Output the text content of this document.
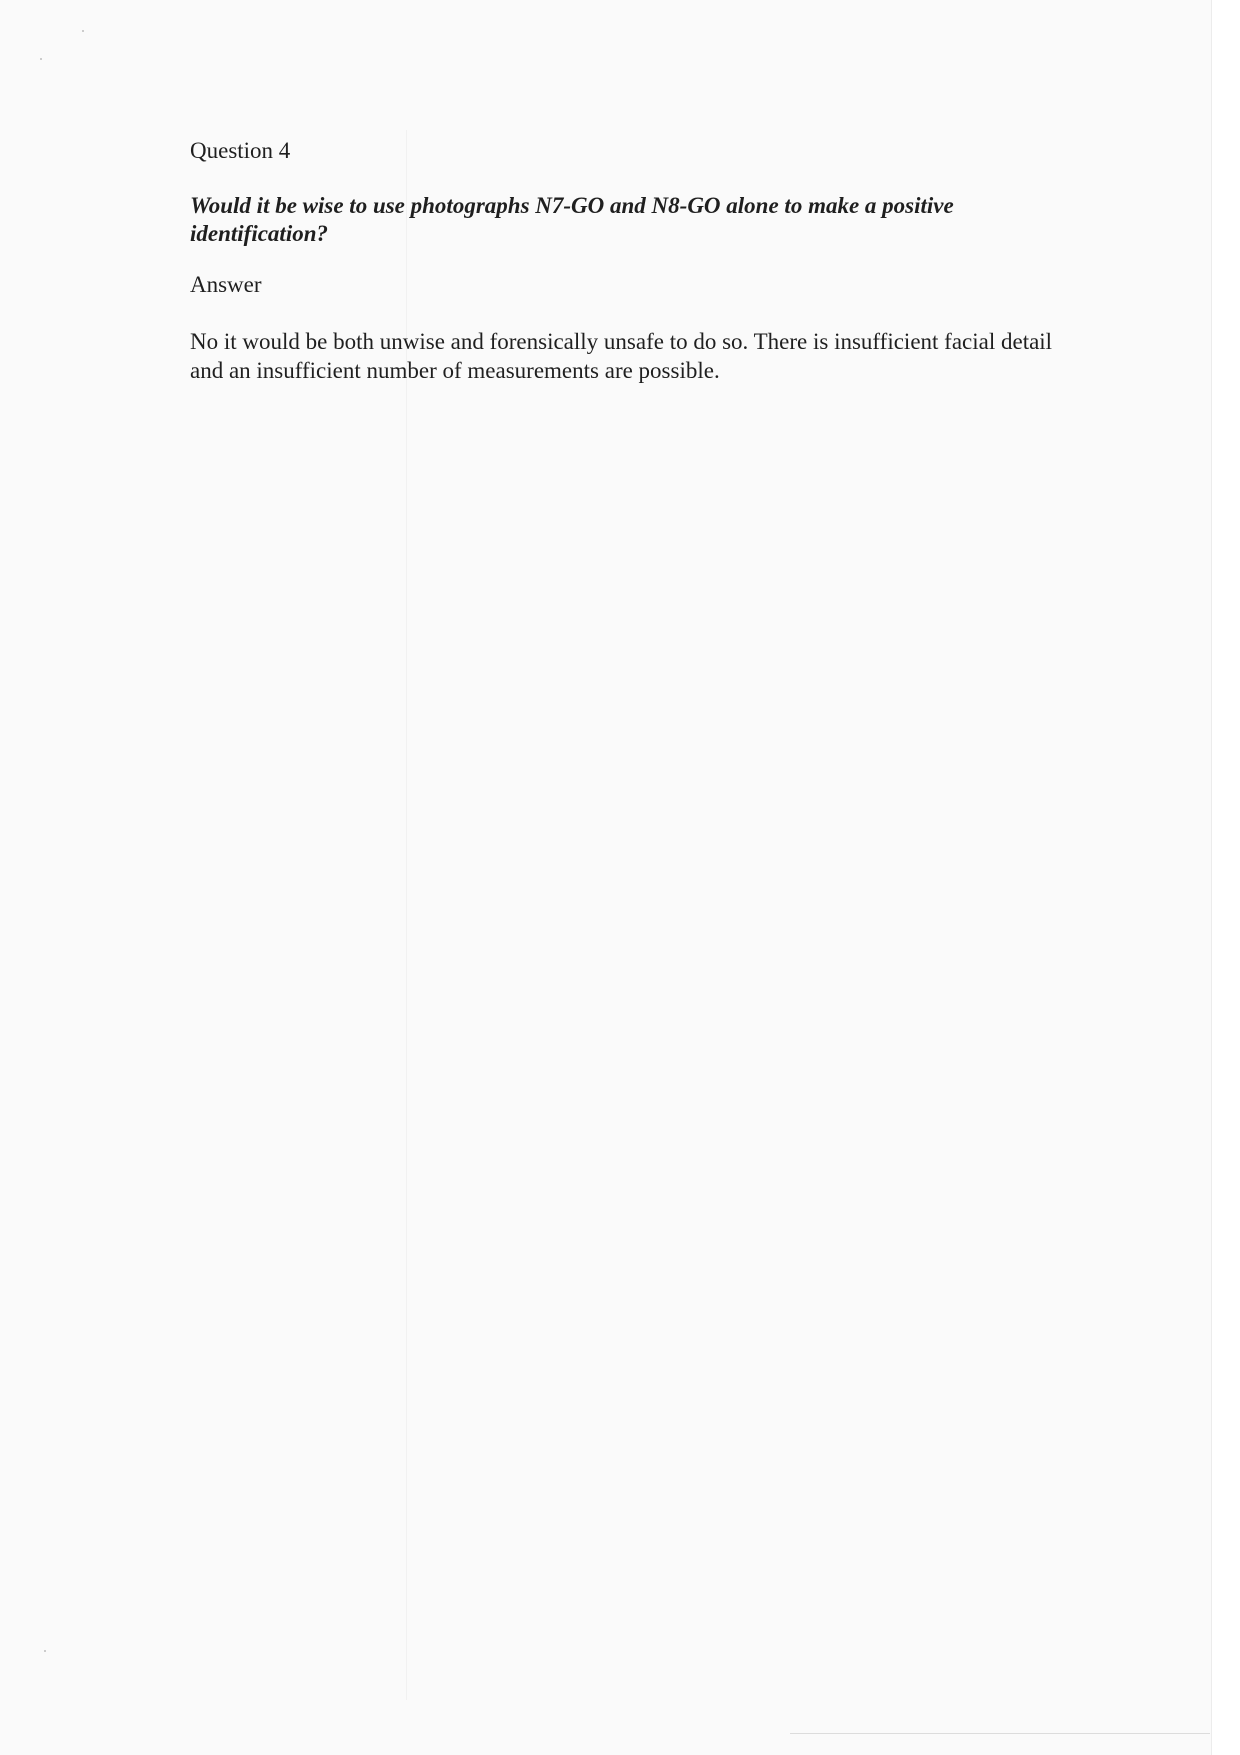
Question 4
Would it be wise to use photographs N7-GO and N8-GO alone to make a positive identification?
Answer
No it would be both unwise and forensically unsafe to do so. There is insufficient facial detail and an insufficient number of measurements are possible.
